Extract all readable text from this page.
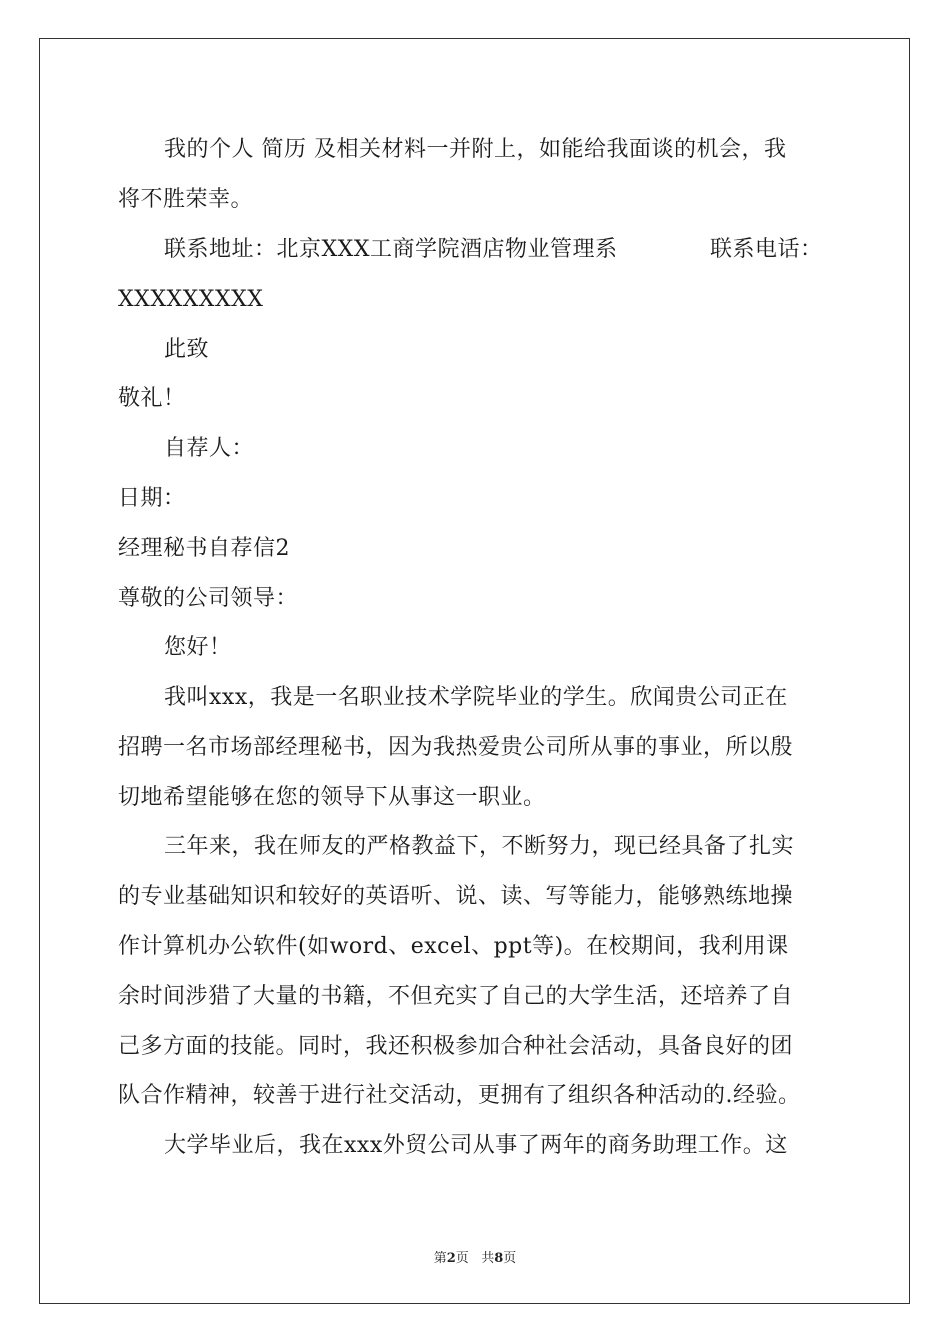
我的个人 简历 及相关材料一并附上，如能给我面谈的机会，我
将不胜荣幸。
联系地址：北京XXX工商学院酒店物业管理系	联系电话：
XXXXXXXXX
此致
敬礼！
自荐人：
日期：
经理秘书自荐信2
尊敬的公司领导：
您好！
我叫xxx，我是一名职业技术学院毕业的学生。欣闻贵公司正在
招聘一名市场部经理秘书，因为我热爱贵公司所从事的事业，所以殷
切地希望能够在您的领导下从事这一职业。
三年来，我在师友的严格教益下，不断努力，现已经具备了扎实
的专业基础知识和较好的英语听、说、读、写等能力，能够熟练地操
作计算机办公软件(如word、excel、ppt等)。在校期间，我利用课
余时间涉猎了大量的书籍，不但充实了自己的大学生活，还培养了自
己多方面的技能。同时，我还积极参加合种社会活动，具备良好的团
队合作精神，较善于进行社交活动，更拥有了组织各种活动的.经验。
大学毕业后，我在xxx外贸公司从事了两年的商务助理工作。这
第2页 共8页
